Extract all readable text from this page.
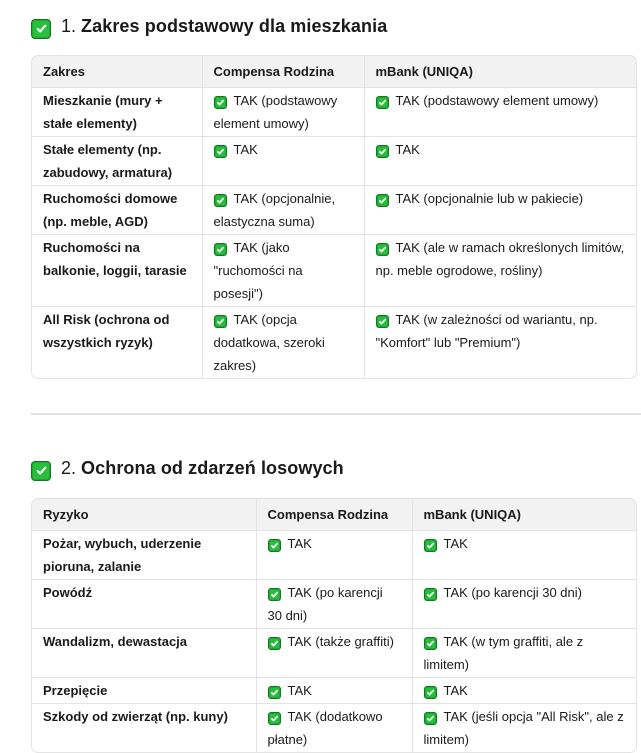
1. Zakres podstawowy dla mieszkania
Zakres	Compensa Rodzina	mBank (UNIQA)
Mieszkanie (mury + stałe elementy)	TAK (podstawowy element umowy)	TAK (podstawowy element umowy)
Stałe elementy (np. zabudowy, armatura)	TAK	TAK
Ruchomości domowe (np. meble, AGD)	TAK (opcjonalnie, elastyczna suma)	TAK (opcjonalnie lub w pakiecie)
Ruchomości na balkonie, loggii, tarasie	TAK (jako "ruchomości na posesji")	TAK (ale w ramach określonych limitów, np. meble ogrodowe, rośliny)
All Risk (ochrona od wszystkich ryzyk)	TAK (opcja dodatkowa, szeroki zakres)	TAK (w zależności od wariantu, np. "Komfort" lub "Premium")
2. Ochrona od zdarzeń losowych
Ryzyko	Compensa Rodzina	mBank (UNIQA)
Pożar, wybuch, uderzenie pioruna, zalanie	TAK	TAK
Powódź	TAK (po karencji 30 dni)	TAK (po karencji 30 dni)
Wandalizm, dewastacja	TAK (także graffiti)	TAK (w tym graffiti, ale z limitem)
Przepięcie	TAK	TAK
Szkody od zwierząt (np. kuny)	TAK (dodatkowo płatne)	TAK (jeśli opcja "All Risk", ale z limitem)
